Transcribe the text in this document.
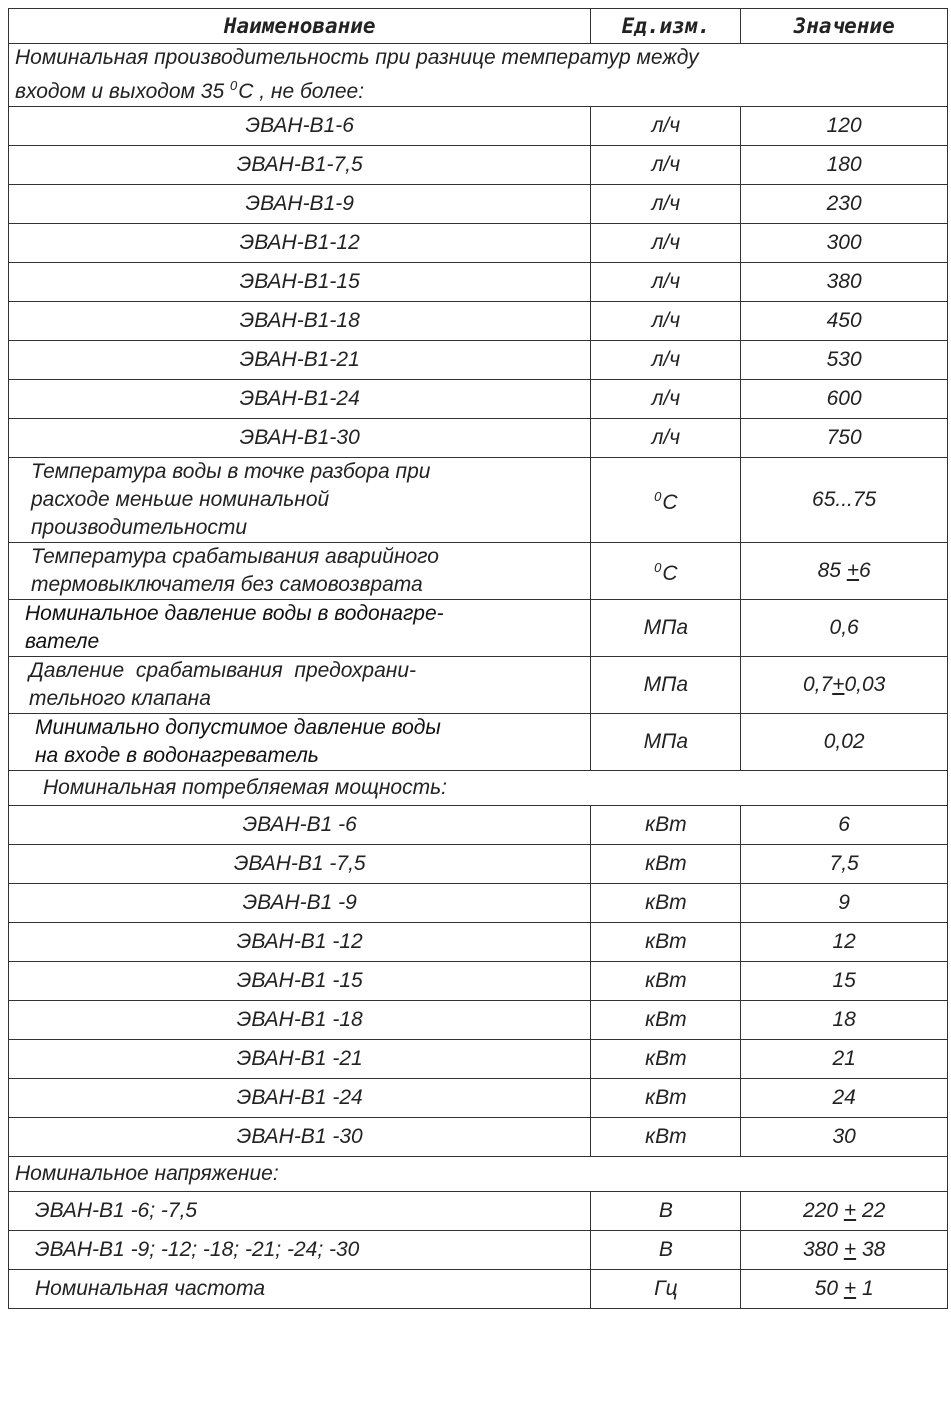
Наименование	Ед.изм.	Значение
Номинальная производительность при разнице температур между
входом и выходом 35 $^0$С , не более:		
ЭВАН-В1-6	л/ч	120
ЭВАН-В1-7,5	л/ч	180
ЭВАН-В1-9	л/ч	230
ЭВАН-В1-12	л/ч	300
ЭВАН-В1-15	л/ч	380
ЭВАН-В1-18	л/ч	450
ЭВАН-В1-21	л/ч	530
ЭВАН-В1-24	л/ч	600
ЭВАН-В1-30	л/ч	750
Температура воды в точке разбора при
расходе меньше номинальной
производительности	$^0$С	65...75
Температура срабатывания аварийного
термовыключателя без самовозврата	$^0$С	85 +6
Номинальное давление воды в водонагре-
вателе	МПа	0,6
Давление  срабатывания  предохрани-
тельного клапана	МПа	0,7+0,03
Минимально допустимое давление воды
на входе в водонагреватель	МПа	0,02
Номинальная потребляемая мощность:		
ЭВАН-В1 -6	кВт	6
ЭВАН-В1 -7,5	кВт	7,5
ЭВАН-В1 -9	кВт	9
ЭВАН-В1 -12	кВт	12
ЭВАН-В1 -15	кВт	15
ЭВАН-В1 -18	кВт	18
ЭВАН-В1 -21	кВт	21
ЭВАН-В1 -24	кВт	24
ЭВАН-В1 -30	кВт	30
Номинальное напряжение:		
ЭВАН-В1 -6; -7,5	В	220 + 22
ЭВАН-В1 -9; -12; -18; -21; -24; -30	В	380 + 38
Номинальная частота	Гц	50 + 1
